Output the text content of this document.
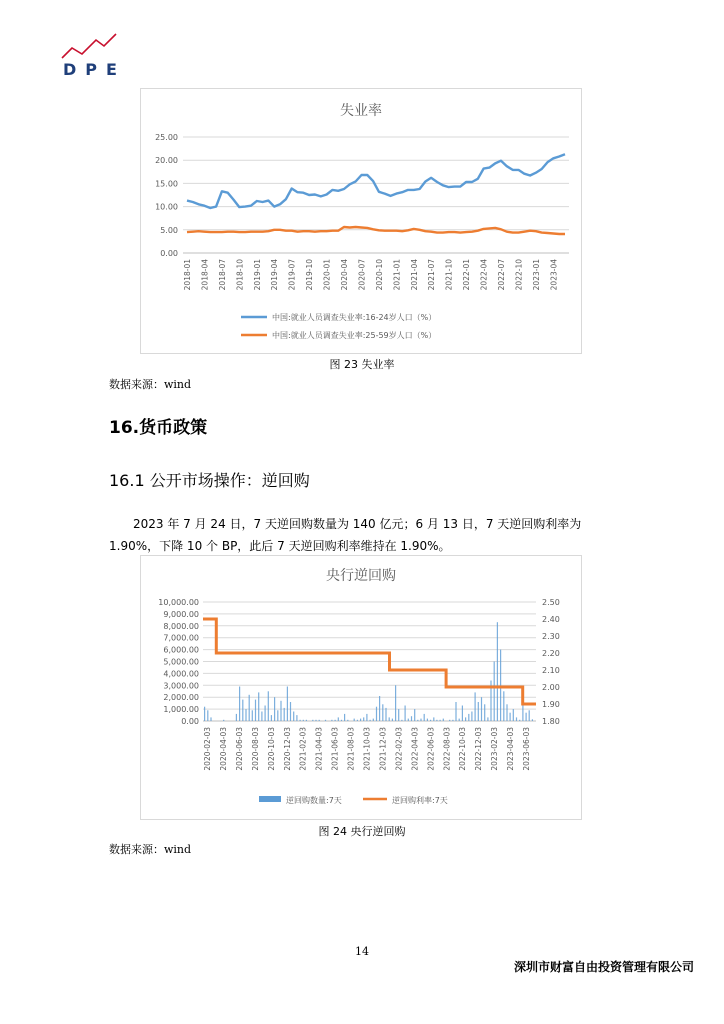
DPE
失业率
0.00
5.00
10.00
15.00
20.00
25.00
2018-01 2018-04 2018-07 2018-10 2019-01 2019-04 2019-07 2019-10 2020-01 2020-04 2020-07 2020-10 2021-01 2021-04 2021-07 2021-10 2022-01 2022-04 2022-07 2022-10 2023-01 2023-04
中国:就业人员调查失业率:16-24岁人口（%）
中国:就业人员调查失业率:25-59岁人口（%）
图 23 失业率
数据来源：wind
16.货币政策
16.1 公开市场操作：逆回购
2023 年 7 月 24 日，7 天逆回购数量为 140 亿元；6 月 13 日，7 天逆回购利率为 1.90%，下降 10 个 BP，此后 7 天逆回购利率维持在 1.90%。
央行逆回购
0.00
1,000.00
2,000.00
3,000.00
4,000.00
5,000.00
6,000.00
7,000.00
8,000.00
9,000.00
10,000.00
1.80
1.90
2.00
2.10
2.20
2.30
2.40
2.50
2020-02-03 2020-04-03 2020-06-03 2020-08-03 2020-10-03 2020-12-03 2021-02-03 2021-04-03 2021-06-03 2021-08-03 2021-10-03 2021-12-03 2022-02-03 2022-04-03 2022-06-03 2022-08-03 2022-10-03 2022-12-03 2023-02-03 2023-04-03 2023-06-03
逆回购数量:7天	逆回购利率:7天
图 24 央行逆回购
数据来源：wind
14
深圳市财富自由投资管理有限公司
